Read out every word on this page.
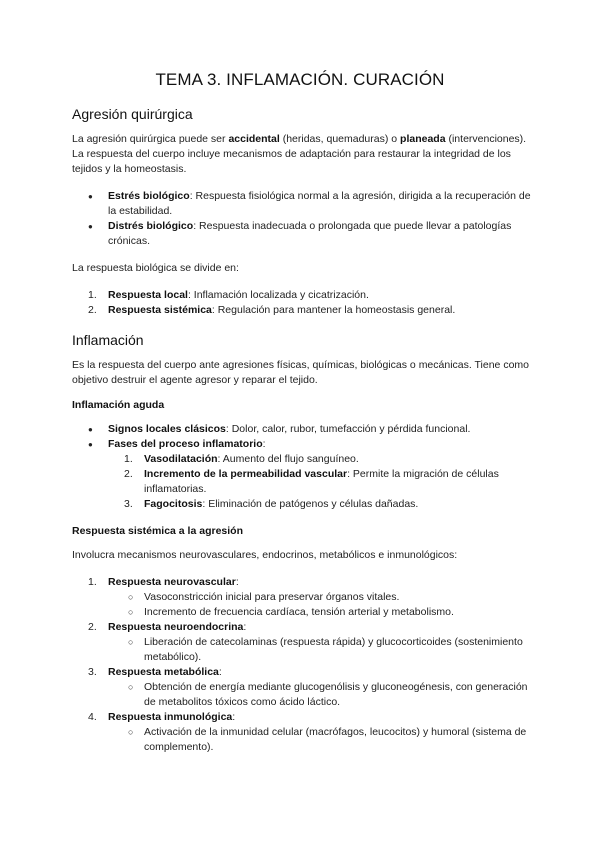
TEMA 3. INFLAMACIÓN. CURACIÓN
Agresión quirúrgica

La agresión quirúrgica puede ser accidental (heridas, quemaduras) o planeada (intervenciones). La respuesta del cuerpo incluye mecanismos de adaptación para restaurar la integridad de los tejidos y la homeostasis.

● Estrés biológico: Respuesta fisiológica normal a la agresión, dirigida a la recuperación de la estabilidad.
● Distrés biológico: Respuesta inadecuada o prolongada que puede llevar a patologías crónicas.

La respuesta biológica se divide en:

1.	Respuesta local: Inflamación localizada y cicatrización.
2.	Respuesta sistémica: Regulación para mantener la homeostasis general.
Inflamación

Es la respuesta del cuerpo ante agresiones físicas, químicas, biológicas o mecánicas. Tiene como objetivo destruir el agente agresor y reparar el tejido.

Inflamación aguda
● Signos locales clásicos: Dolor, calor, rubor, tumefacción y pérdida funcional.
● Fases del proceso inflamatorio:
1. Vasodilatación: Aumento del flujo sanguíneo.
2. Incremento de la permeabilidad vascular: Permite la migración de células inflamatorias.
3. Fagocitosis: Eliminación de patógenos y células dañadas.
Respuesta sistémica a la agresión

Involucra mecanismos neurovasculares, endocrinos, metabólicos e inmunológicos:

1.	Respuesta neurovascular:
○ Vasoconstricción inicial para preservar órganos vitales.
○ Incremento de frecuencia cardíaca, tensión arterial y metabolismo.
2.	Respuesta neuroendocrina:
○ Liberación de catecolaminas (respuesta rápida) y glucocorticoides (sostenimiento metabólico).
3.	Respuesta metabólica:
○ Obtención de energía mediante glucogenólisis y gluconeogénesis, con generación de metabolitos tóxicos como ácido láctico.
4.	Respuesta inmunológica:
○ Activación de la inmunidad celular (macrófagos, leucocitos) y humoral (sistema de complemento).
